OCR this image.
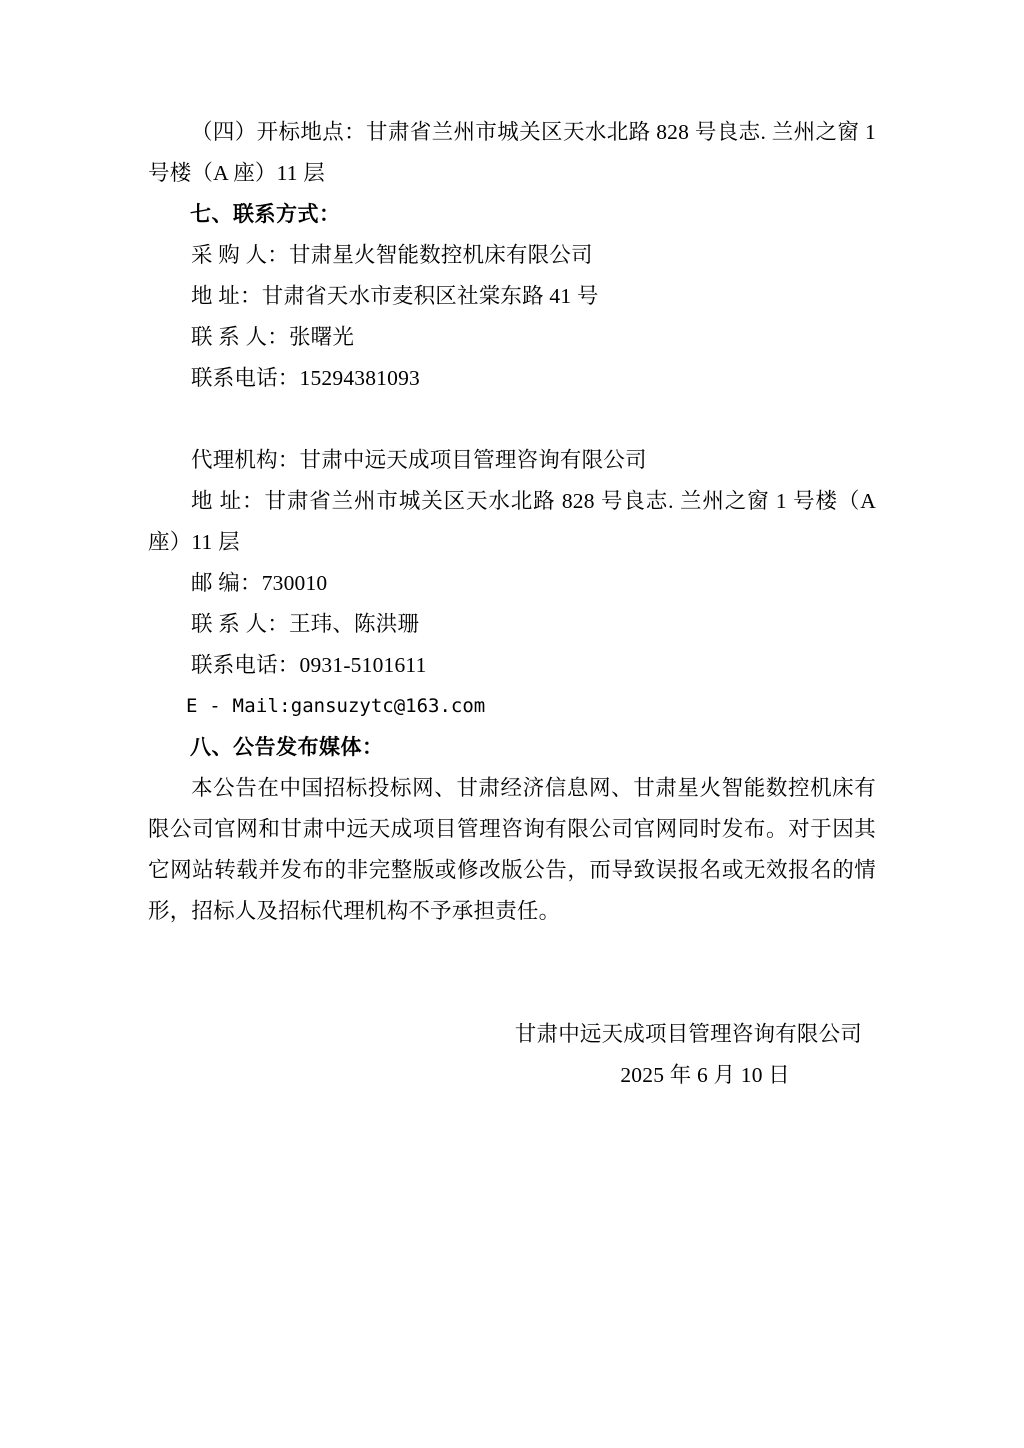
（四）开标地点：甘肃省兰州市城关区天水北路 828 号良志. 兰州之窗 1 号楼（A 座）11 层

七、联系方式：

采 购 人：甘肃星火智能数控机床有限公司

地 址：甘肃省天水市麦积区社棠东路 41 号

联 系 人：张曙光

联系电话：15294381093

代理机构：甘肃中远天成项目管理咨询有限公司

地 址：甘肃省兰州市城关区天水北路 828 号良志. 兰州之窗 1 号楼（A 座）11 层

邮 编：730010

联 系 人：王玮、陈洪珊

联系电话：0931-5101611

E - Mail:gansuzytc@163.com

八、公告发布媒体：

本公告在中国招标投标网、甘肃经济信息网、甘肃星火智能数控机床有限公司官网和甘肃中远天成项目管理咨询有限公司官网同时发布。对于因其它网站转载并发布的非完整版或修改版公告，而导致误报名或无效报名的情形，招标人及招标代理机构不予承担责任。

甘肃中远天成项目管理咨询有限公司
2025 年 6 月 10 日
